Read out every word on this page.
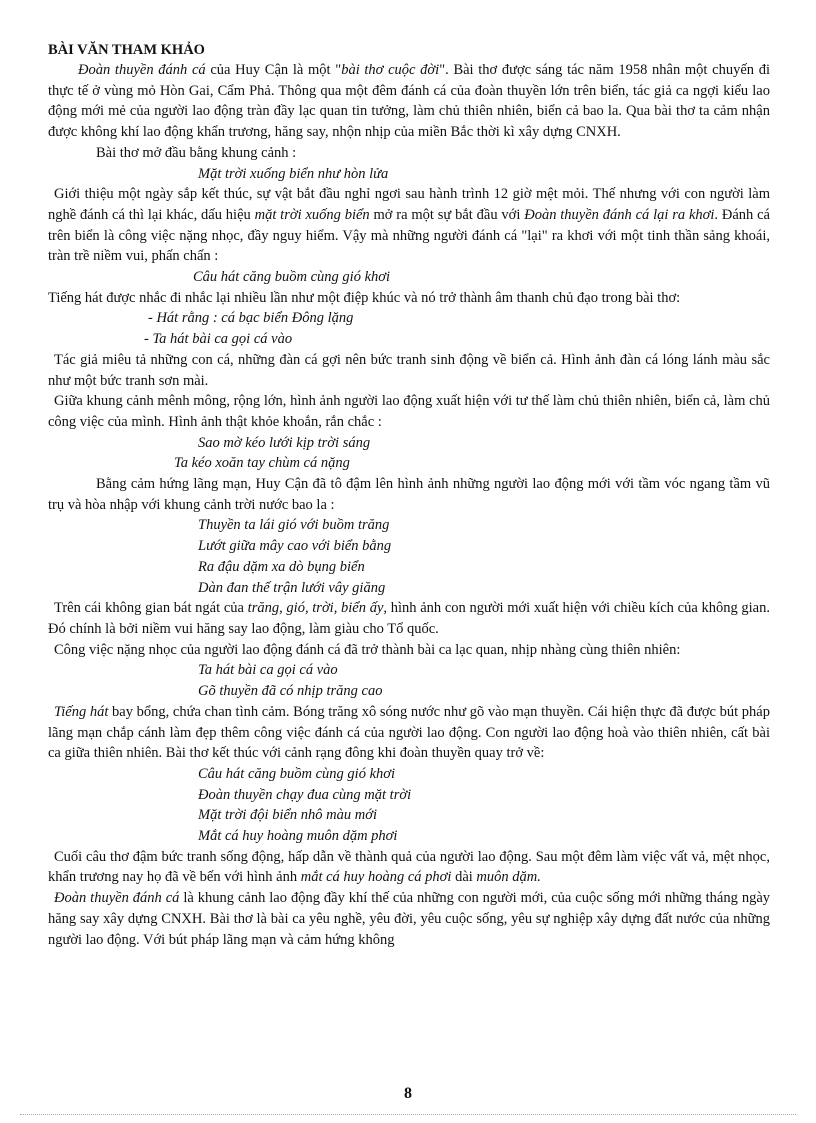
BÀI VĂN THAM KHẢO

Đoàn thuyền đánh cá của Huy Cận là một "bài thơ cuộc đời". Bài thơ được sáng tác năm 1958 nhân một chuyến đi thực tế ở vùng mỏ Hòn Gai, Cẩm Phả. Thông qua một đêm đánh cá của đoàn thuyền lớn trên biển, tác giả ca ngợi kiểu lao động mới mẻ của người lao động tràn đầy lạc quan tin tưởng, làm chủ thiên nhiên, biển cả bao la. Qua bài thơ ta cảm nhận được không khí lao động khẩn trương, hăng say, nhộn nhịp của miền Bắc thời kì xây dựng CNXH.

Bài thơ mở đầu bằng khung cảnh :

Mặt trời xuống biển như hòn lửa

Giới thiệu một ngày sắp kết thúc, sự vật bắt đầu nghỉ ngơi sau hành trình 12 giờ mệt mỏi. Thế nhưng với con người làm nghề đánh cá thì lại khác, dấu hiệu mặt trời xuống biển mở ra một sự bắt đầu với Đoàn thuyền đánh cá lại ra khơi. Đánh cá trên biển là công việc nặng nhọc, đầy nguy hiểm. Vậy mà những người đánh cá "lại" ra khơi với một tinh thần sảng khoái, tràn trề niềm vui, phấn chấn :

Câu hát căng buồm cùng gió khơi

Tiếng hát được nhắc đi nhắc lại nhiều lần như một điệp khúc và nó trở thành âm thanh chủ đạo trong bài thơ:

- Hát rằng : cá bạc biển Đông lặng

- Ta hát bài ca gọi cá vào

Tác giả miêu tả những con cá, những đàn cá gợi nên bức tranh sinh động về biển cả. Hình ảnh đàn cá lóng lánh màu sắc như một bức tranh sơn mài.

Giữa khung cảnh mênh mông, rộng lớn, hình ảnh người lao động xuất hiện với tư thế làm chủ thiên nhiên, biển cả, làm chủ công việc của mình. Hình ảnh thật khỏe khoắn, rắn chắc :

Sao mờ kéo lưới kịp trời sáng

Ta kéo xoăn tay chùm cá nặng

Bằng cảm hứng lãng mạn, Huy Cận đã tô đậm lên hình ảnh những người lao động mới với tầm vóc ngang tầm vũ trụ và hòa nhập với khung cảnh trời nước bao la :

Thuyền ta lái gió với buồm trăng

Lướt giữa mây cao với biển bằng

Ra đậu dặm xa dò bụng biển

Dàn đan thế trận lưới vây giăng

Trên cái không gian bát ngát của trăng, gió, trời, biển ấy, hình ảnh con người mới xuất hiện với chiều kích của không gian. Đó chính là bởi niềm vui hăng say lao động, làm giàu cho Tổ quốc.

Công việc nặng nhọc của người lao động đánh cá đã trở thành bài ca lạc quan, nhịp nhàng cùng thiên nhiên:

Ta hát bài ca gọi cá vào

Gõ thuyền đã có nhịp trăng cao

Tiếng hát bay bổng, chứa chan tình cảm. Bóng trăng xô sóng nước như gõ vào mạn thuyền. Cái hiện thực đã được bút pháp lãng mạn chắp cánh làm đẹp thêm công việc đánh cá của người lao động. Con người lao động hoà vào thiên nhiên, cất bài ca giữa thiên nhiên. Bài thơ kết thúc với cảnh rạng đông khi đoàn thuyền quay trở về:

Câu hát căng buồm cùng gió khơi

Đoàn thuyền chạy đua cùng mặt trời

Mặt trời đội biển nhô màu mới

Mắt cá huy hoàng muôn dặm phơi

Cuối câu thơ đậm bức tranh sống động, hấp dẫn về thành quả của người lao động. Sau một đêm làm việc vất vả, mệt nhọc, khẩn trương nay họ đã về bến với hình ảnh mắt cá huy hoàng cá phơi dài muôn dặm.

Đoàn thuyền đánh cá là khung cảnh lao động đầy khí thế của những con người mới, của cuộc sống mới những tháng ngày hăng say xây dựng CNXH. Bài thơ là bài ca yêu nghề, yêu đời, yêu cuộc sống, yêu sự nghiệp xây dựng đất nước của những người lao động. Với bút pháp lãng mạn và cảm hứng không

8
